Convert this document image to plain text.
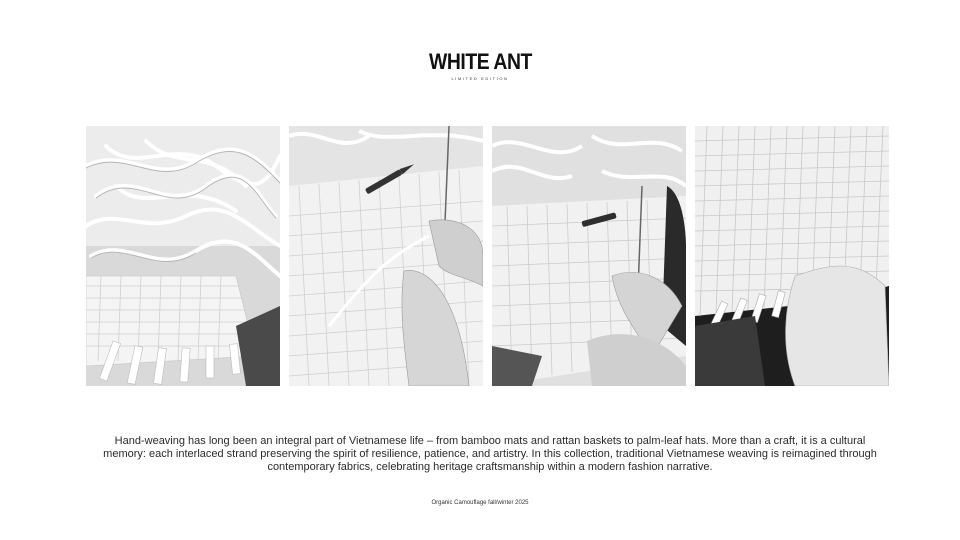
WHITE ANT
LIMITED EDITION

Hand-weaving has long been an integral part of Vietnamese life – from bamboo mats and rattan baskets to palm-leaf hats. More than a craft, it is a cultural memory: each interlaced strand preserving the spirit of resilience, patience, and artistry. In this collection, traditional Vietnamese weaving is reimagined through contemporary fabrics, celebrating heritage craftsmanship within a modern fashion narrative.

Organic Camouflage fall/winter 2025
